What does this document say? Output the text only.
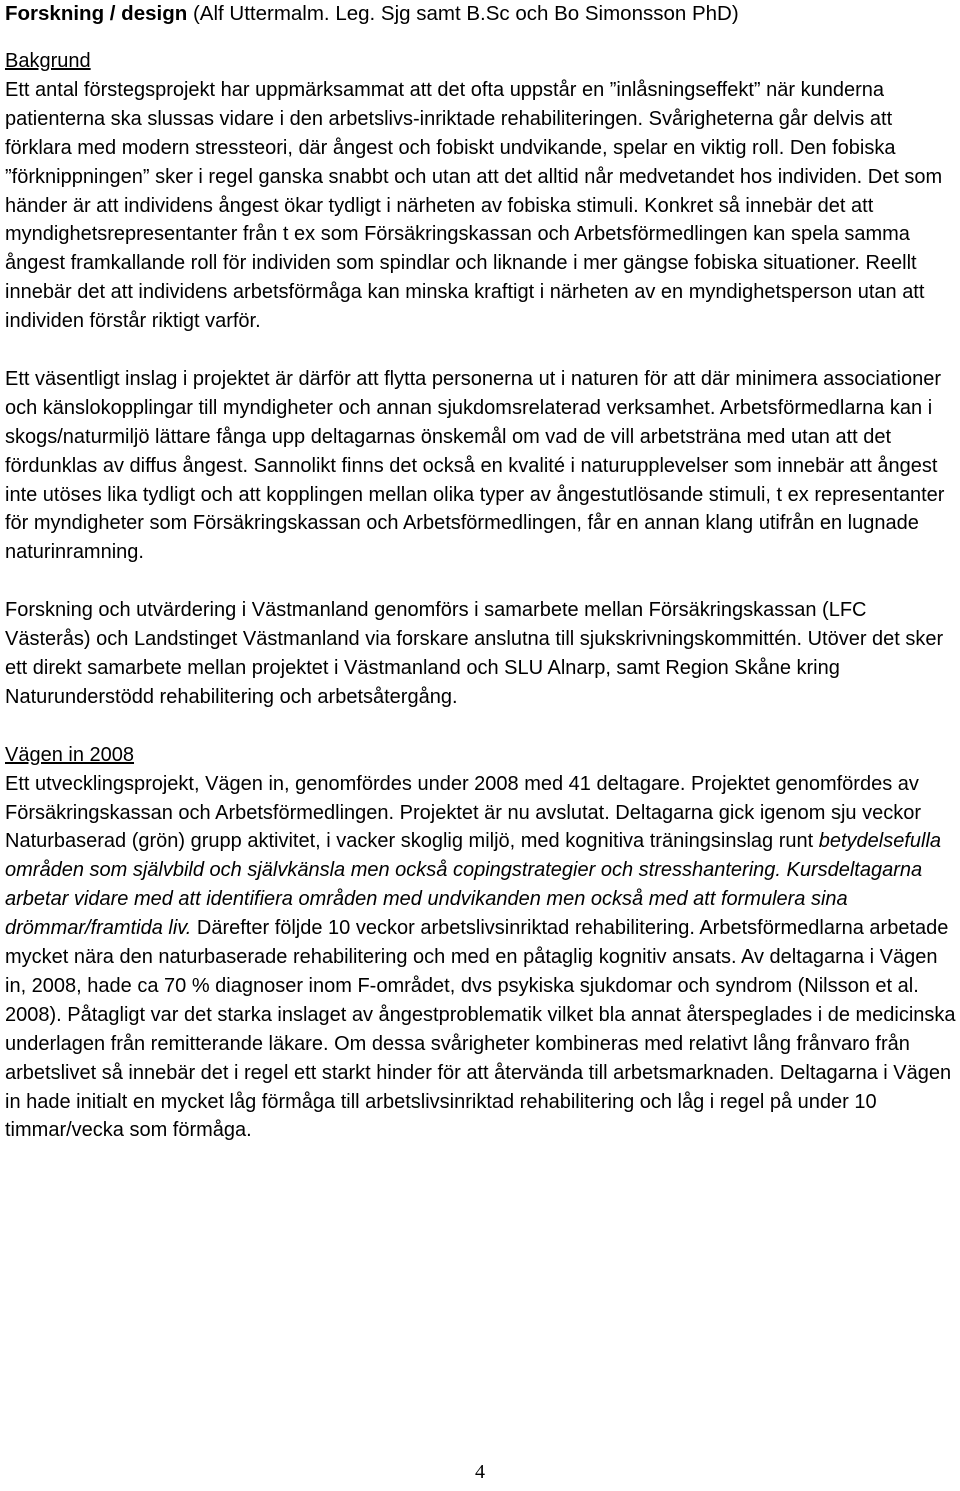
Forskning / design (Alf Uttermalm. Leg. Sjg samt B.Sc och Bo Simonsson PhD)

Bakgrund

Ett antal förstegsprojekt har uppmärksammat att det ofta uppstår en ”inlåsningseffekt” när kunderna patienterna ska slussas vidare i den arbetslivs-inriktade rehabiliteringen. Svårigheterna går delvis att förklara med modern stressteori, där ångest och fobiskt undvikande, spelar en viktig roll. Den fobiska ”förknippningen” sker i regel ganska snabbt och utan att det alltid når medvetandet hos individen. Det som händer är att individens ångest ökar tydligt i närheten av fobiska stimuli. Konkret så innebär det att myndighetsrepresentanter från t ex som Försäkringskassan och Arbetsförmedlingen kan spela samma ångest framkallande roll för individen som spindlar och liknande i mer gängse fobiska situationer. Reellt innebär det att individens arbetsförmåga kan minska kraftigt i närheten av en myndighetsperson utan att individen förstår riktigt varför.

Ett väsentligt inslag i projektet är därför att flytta personerna ut i naturen för att där minimera associationer och känslokopplingar till myndigheter och annan sjukdomsrelaterad verksamhet. Arbetsförmedlarna kan i skogs/naturmiljö lättare fånga upp deltagarnas önskemål om vad de vill arbetsträna med utan att det fördunklas av diffus ångest. Sannolikt finns det också en kvalité i naturupplevelser som innebär att ångest inte utöses lika tydligt och att kopplingen mellan olika typer av ångestutlösande stimuli, t ex representanter för myndigheter som Försäkringskassan och Arbetsförmedlingen, får en annan klang utifrån en lugnade naturinramning.

Forskning och utvärdering i Västmanland genomförs i samarbete mellan Försäkringskassan (LFC Västerås) och Landstinget Västmanland via forskare anslutna till sjukskrivningskommittén. Utöver det sker ett direkt samarbete mellan projektet i Västmanland och SLU Alnarp, samt Region Skåne kring Naturunderstödd rehabilitering och arbetsåtergång.

Vägen in 2008

Ett utvecklingsprojekt, Vägen in, genomfördes under 2008 med 41 deltagare. Projektet genomfördes av Försäkringskassan och Arbetsförmedlingen. Projektet är nu avslutat. Deltagarna gick igenom sju veckor Naturbaserad (grön) grupp aktivitet, i vacker skoglig miljö, med kognitiva träningsinslag runt betydelsefulla områden som självbild och självkänsla men också copingstrategier och stresshantering. Kursdeltagarna arbetar vidare med att identifiera områden med undvikanden men också med att formulera sina drömmar/framtida liv. Därefter följde 10 veckor arbetslivsinriktad rehabilitering. Arbetsförmedlarna arbetade mycket nära den naturbaserade rehabilitering och med en påtaglig kognitiv ansats. Av deltagarna i Vägen in, 2008, hade ca 70 % diagnoser inom F-området, dvs psykiska sjukdomar och syndrom (Nilsson et al. 2008). Påtagligt var det starka inslaget av ångestproblematik vilket bla annat återspeglades i de medicinska underlagen från remitterande läkare. Om dessa svårigheter kombineras med relativt lång frånvaro från arbetslivet så innebär det i regel ett starkt hinder för att återvända till arbetsmarknaden. Deltagarna i Vägen in hade initialt en mycket låg förmåga till arbetslivsinriktad rehabilitering och låg i regel på under 10 timmar/vecka som förmåga.

4
